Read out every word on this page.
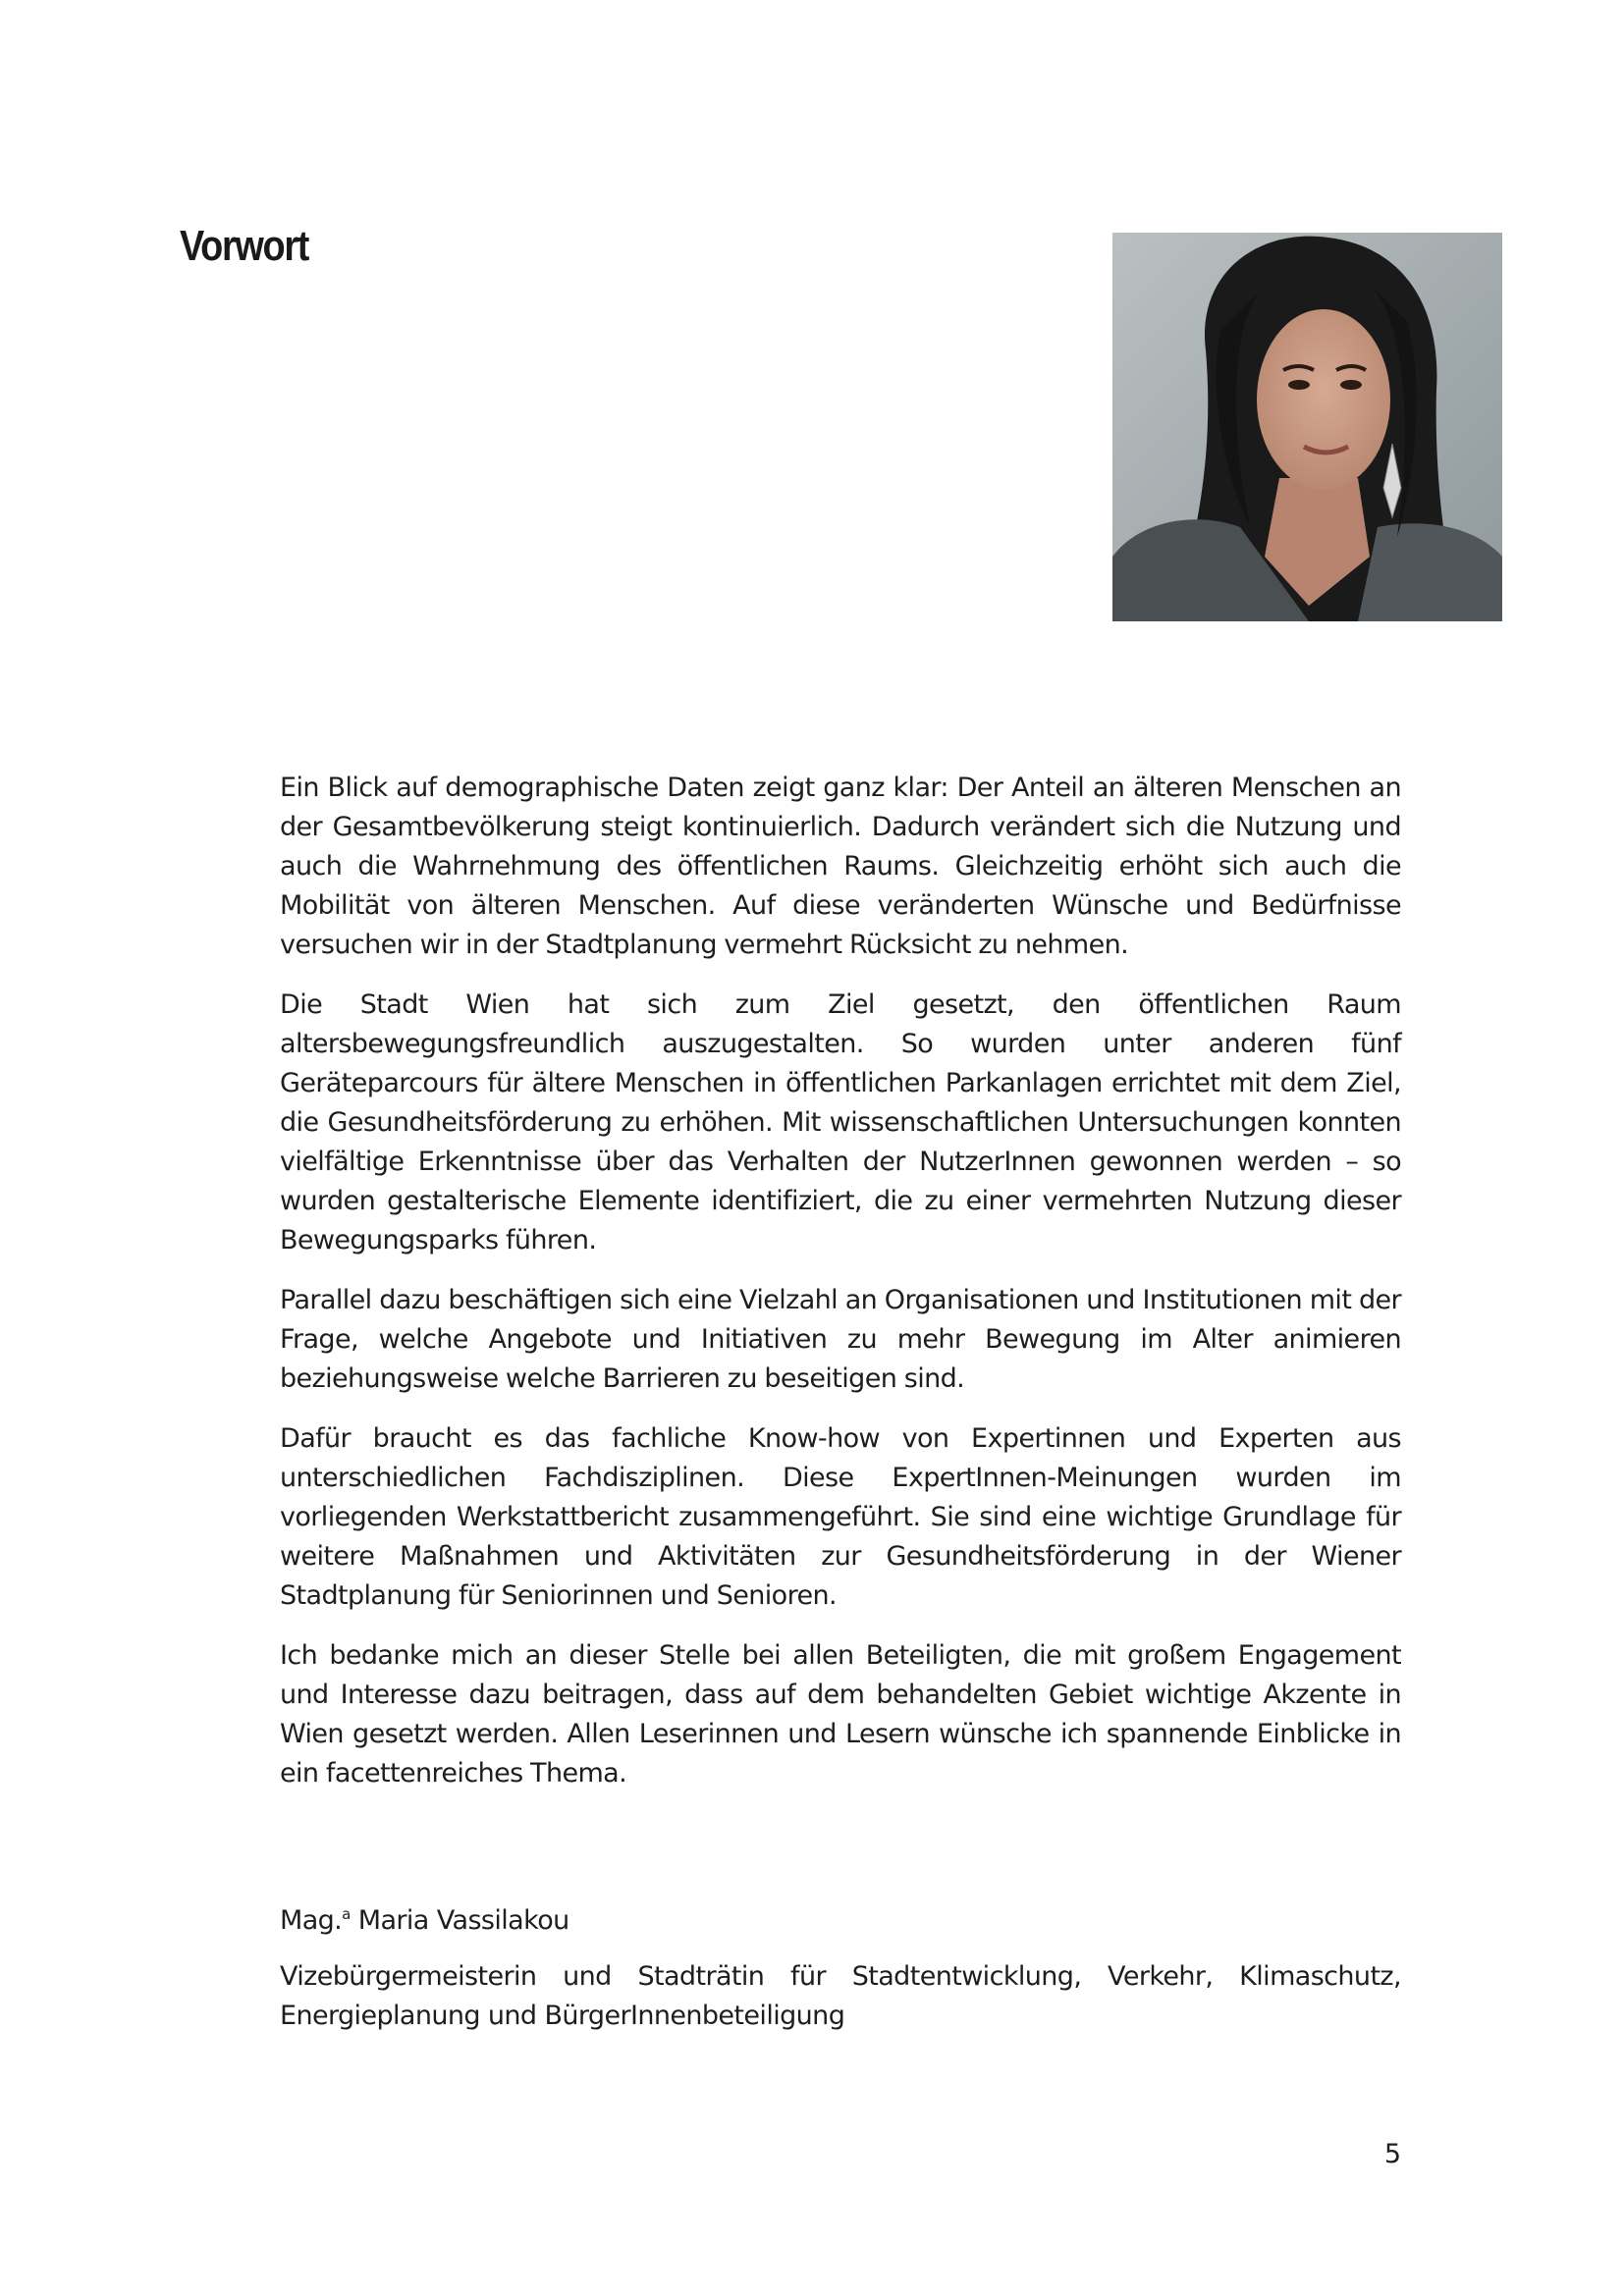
Vorwort

Ein Blick auf demographische Daten zeigt ganz klar: Der Anteil an älteren Menschen an der Gesamtbevölkerung steigt kontinuierlich. Dadurch verändert sich die Nutzung und auch die Wahrnehmung des öffentlichen Raums. Gleichzeitig erhöht sich auch die Mobilität von älteren Menschen. Auf diese veränderten Wünsche und Bedürfnisse versuchen wir in der Stadtplanung vermehrt Rücksicht zu nehmen.

Die Stadt Wien hat sich zum Ziel gesetzt, den öffentlichen Raum altersbewegungsfreundlich auszugestalten. So wurden unter anderen fünf Geräteparcours für ältere Menschen in öffentlichen Parkanlagen errichtet mit dem Ziel, die Gesundheitsförderung zu erhöhen. Mit wissenschaftlichen Untersuchungen konnten vielfältige Erkenntnisse über das Verhalten der NutzerInnen gewonnen werden – so wurden gestalterische Elemente identifiziert, die zu einer vermehrten Nutzung dieser Bewegungsparks führen.

Parallel dazu beschäftigen sich eine Vielzahl an Organisationen und Institutionen mit der Frage, welche Angebote und Initiativen zu mehr Bewegung im Alter animieren beziehungsweise welche Barrieren zu beseitigen sind.

Dafür braucht es das fachliche Know-how von Expertinnen und Experten aus unterschiedlichen Fachdisziplinen. Diese ExpertInnen-Meinungen wurden im vorliegenden Werkstattbericht zusammengeführt. Sie sind eine wichtige Grundlage für weitere Maßnahmen und Aktivitäten zur Gesundheitsförderung in der Wiener Stadtplanung für Seniorinnen und Senioren.

Ich bedanke mich an dieser Stelle bei allen Beteiligten, die mit großem Engagement und Interesse dazu beitragen, dass auf dem behandelten Gebiet wichtige Akzente in Wien gesetzt werden. Allen Leserinnen und Lesern wünsche ich spannende Einblicke in ein facettenreiches Thema.

Mag.$^a$ Maria Vassilakou

Vizebürgermeisterin und Stadträtin für Stadtentwicklung, Verkehr, Klimaschutz, Energieplanung und BürgerInnenbeteiligung

5
